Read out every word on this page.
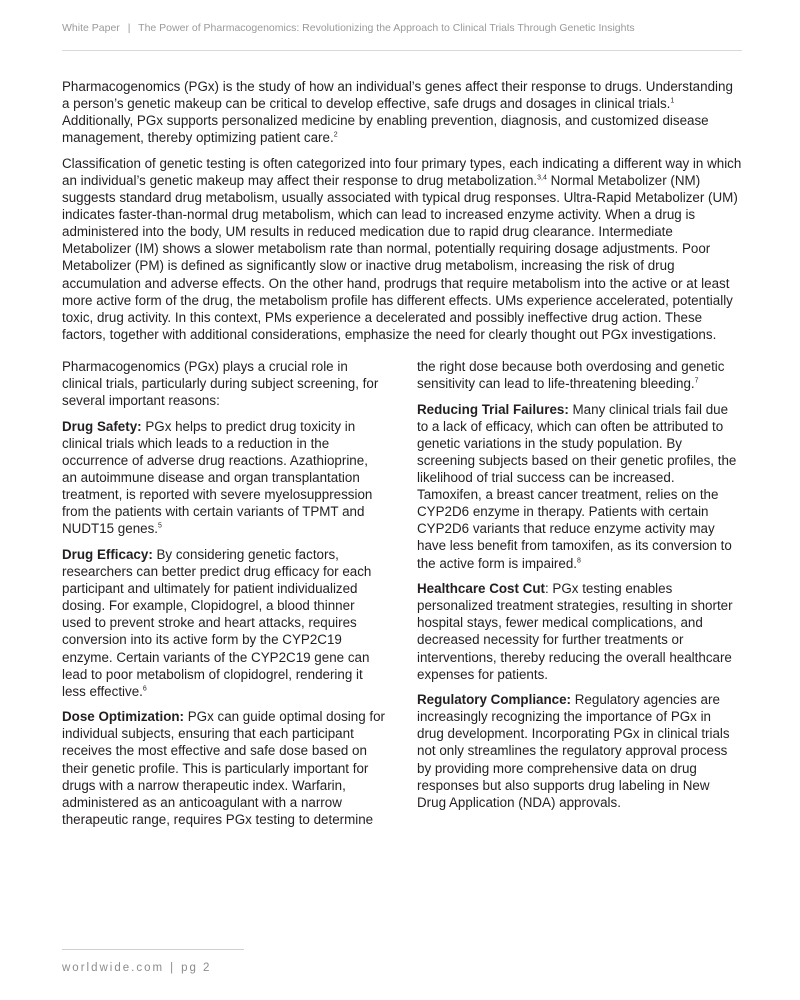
White Paper | The Power of Pharmacogenomics: Revolutionizing the Approach to Clinical Trials Through Genetic Insights

Pharmacogenomics (PGx) is the study of how an individual’s genes affect their response to drugs. Understanding a person’s genetic makeup can be critical to develop effective, safe drugs and dosages in clinical trials.$^1$ Additionally, PGx supports personalized medicine by enabling prevention, diagnosis, and customized disease management, thereby optimizing patient care.$^2$

Classification of genetic testing is often categorized into four primary types, each indicating a different way in which an individual’s genetic makeup may affect their response to drug metabolization.$^{3,4}$ Normal Metabolizer (NM) suggests standard drug metabolism, usually associated with typical drug responses. Ultra-Rapid Metabolizer (UM) indicates faster-than-normal drug metabolism, which can lead to increased enzyme activity. When a drug is administered into the body, UM results in reduced medication due to rapid drug clearance. Intermediate Metabolizer (IM) shows a slower metabolism rate than normal, potentially requiring dosage adjustments. Poor Metabolizer (PM) is defined as significantly slow or inactive drug metabolism, increasing the risk of drug accumulation and adverse effects. On the other hand, prodrugs that require metabolism into the active or at least more active form of the drug, the metabolism profile has different effects. UMs experience accelerated, potentially toxic, drug activity. In this context, PMs experience a decelerated and possibly ineffective drug action. These factors, together with additional considerations, emphasize the need for clearly thought out PGx investigations.

Pharmacogenomics (PGx) plays a crucial role in clinical trials, particularly during subject screening, for several important reasons:

Drug Safety: PGx helps to predict drug toxicity in clinical trials which leads to a reduction in the occurrence of adverse drug reactions. Azathioprine, an autoimmune disease and organ transplantation treatment, is reported with severe myelosuppression from the patients with certain variants of TPMT and NUDT15 genes.$^5$

Drug Efficacy: By considering genetic factors, researchers can better predict drug efficacy for each participant and ultimately for patient individualized dosing. For example, Clopidogrel, a blood thinner used to prevent stroke and heart attacks, requires conversion into its active form by the CYP2C19 enzyme. Certain variants of the CYP2C19 gene can lead to poor metabolism of clopidogrel, rendering it less effective.$^6$

Dose Optimization: PGx can guide optimal dosing for individual subjects, ensuring that each participant receives the most effective and safe dose based on their genetic profile. This is particularly important for drugs with a narrow therapeutic index. Warfarin, administered as an anticoagulant with a narrow therapeutic range, requires PGx testing to determine

the right dose because both overdosing and genetic sensitivity can lead to life-threatening bleeding.$^7$

Reducing Trial Failures: Many clinical trials fail due to a lack of efficacy, which can often be attributed to genetic variations in the study population. By screening subjects based on their genetic profiles, the likelihood of trial success can be increased. Tamoxifen, a breast cancer treatment, relies on the CYP2D6 enzyme in therapy. Patients with certain CYP2D6 variants that reduce enzyme activity may have less benefit from tamoxifen, as its conversion to the active form is impaired.$^8$

Healthcare Cost Cut: PGx testing enables personalized treatment strategies, resulting in shorter hospital stays, fewer medical complications, and decreased necessity for further treatments or interventions, thereby reducing the overall healthcare expenses for patients.

Regulatory Compliance: Regulatory agencies are increasingly recognizing the importance of PGx in drug development. Incorporating PGx in clinical trials not only streamlines the regulatory approval process by providing more comprehensive data on drug responses but also supports drug labeling in New Drug Application (NDA) approvals.

worldwide.com | pg 2
